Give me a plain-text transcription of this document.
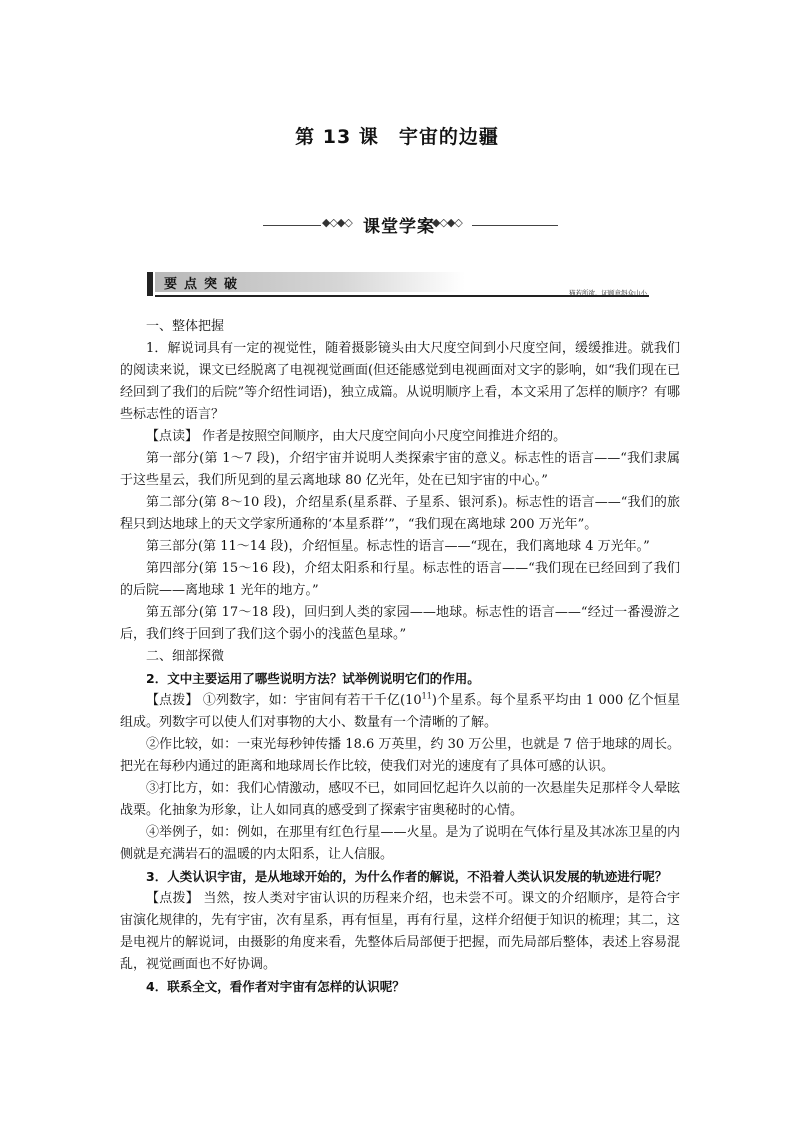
第 13 课　宇宙的边疆
◆◇◆◇ 课堂学案
◆◇◆◇
要点突破
猫若所欲，证顾意斜众山小

一、整体把握

1．解说词具有一定的视觉性，随着摄影镜头由大尺度空间到小尺度空间，缓缓推进。就我们的阅读来说，课文已经脱离了电视视觉画面(但还能感觉到电视画面对文字的影响，如“我们现在已经回到了我们的后院”等介绍性词语)，独立成篇。从说明顺序上看，本文采用了怎样的顺序？有哪些标志性的语言？

【点读】 作者是按照空间顺序，由大尺度空间向小尺度空间推进介绍的。

第一部分(第 1～7 段)，介绍宇宙并说明人类探索宇宙的意义。标志性的语言——“我们隶属于这些星云，我们所见到的星云离地球 80 亿光年，处在已知宇宙的中心。”

第二部分(第 8～10 段)，介绍星系(星系群、子星系、银河系)。标志性的语言——“我们的旅程只到达地球上的天文学家所通称的‘本星系群’”，“我们现在离地球 200 万光年”。

第三部分(第 11～14 段)，介绍恒星。标志性的语言——“现在，我们离地球 4 万光年。”

第四部分(第 15～16 段)，介绍太阳系和行星。标志性的语言——“我们现在已经回到了我们的后院——离地球 1 光年的地方。”

第五部分(第 17～18 段)，回归到人类的家园——地球。标志性的语言——“经过一番漫游之后，我们终于回到了我们这个弱小的浅蓝色星球。”

二、细部探微

2．文中主要运用了哪些说明方法？试举例说明它们的作用。

【点拨】 ①列数字，如：宇宙间有若干千亿$(10^{11})$个星系。每个星系平均由 1 000 亿个恒星组成。列数字可以使人们对事物的大小、数量有一个清晰的了解。

②作比较，如：一束光每秒钟传播 18.6 万英里，约 30 万公里，也就是 7 倍于地球的周长。把光在每秒内通过的距离和地球周长作比较，使我们对光的速度有了具体可感的认识。

③打比方，如：我们心情激动，感叹不已，如同回忆起许久以前的一次悬崖失足那样令人晕眩战栗。化抽象为形象，让人如同真的感受到了探索宇宙奥秘时的心情。

④举例子，如：例如，在那里有红色行星——火星。是为了说明在气体行星及其冰冻卫星的内侧就是充满岩石的温暖的内太阳系，让人信服。

3．人类认识宇宙，是从地球开始的，为什么作者的解说，不沿着人类认识发展的轨迹进行呢？

【点拨】 当然，按人类对宇宙认识的历程来介绍，也未尝不可。课文的介绍顺序，是符合宇宙演化规律的，先有宇宙，次有星系，再有恒星，再有行星，这样介绍便于知识的梳理；其二，这是电视片的解说词，由摄影的角度来看，先整体后局部便于把握，而先局部后整体，表述上容易混乱，视觉画面也不好协调。

4．联系全文，看作者对宇宙有怎样的认识呢？
